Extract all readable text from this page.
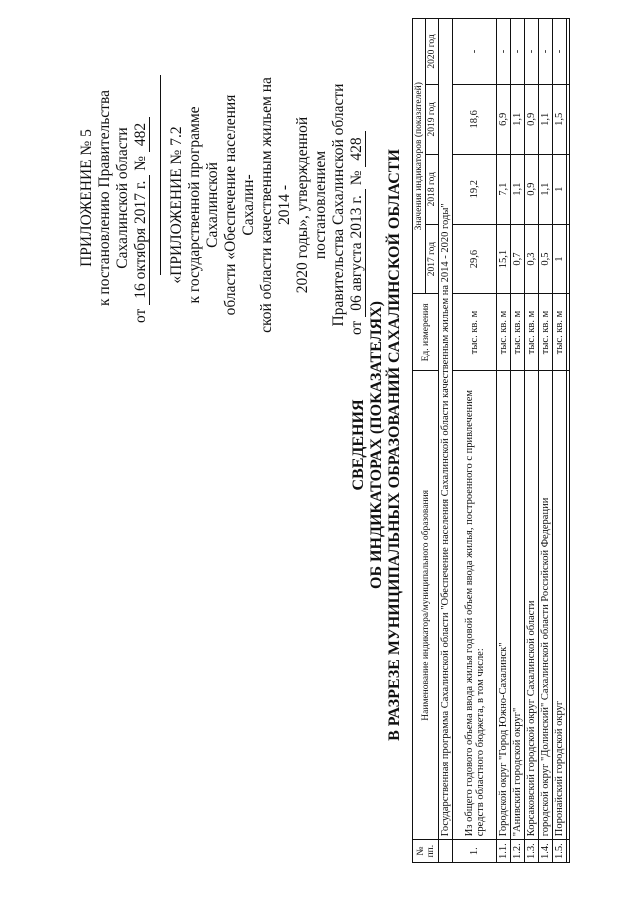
ПРИЛОЖЕНИЕ № 5 к постановлению Правительства Сахалинской области
от 16 октября 2017 г. № 482 «ПРИЛОЖЕНИЕ № 7.2 к государственной программе Сахалинской области «Обеспечение населения Сахалин- ской области качественным жильем на 2014 - 2020 годы», утвержденной постановлением Правительства Сахалинской области
от 06 августа 2013 г. № 428
СВЕДЕНИЯ ОБ ИНДИКАТОРАХ (ПОКАЗАТЕЛЯХ) В РАЗРЕЗЕ МУНИЦИПАЛЬНЫХ ОБРАЗОВАНИЙ САХАЛИНСКОЙ ОБЛАСТИ
№ пп.	Наименование индикатора/муниципального образования	Ед. измерения	Значения индикаторов (показателей)			
			2017 год	2018 год	2019 год	2020 год
	Государственная программа Сахалинской области "Обеспечение населения Сахалинской области качественным жильем на 2014 - 2020 годы"					
1.	Из общего годового объема ввода жилья годовой объем ввода жилья, построенного с привлечением средств областного бюджета, в том числе:	тыс. кв. м	29,6	19,2	18,6	-
1.1.	Городской округ "Город Южно-Сахалинск"	тыс. кв. м	15,1	7,1	6,9	-
1.2.	"Анивский городской округ"	тыс. кв. м	0,7	1,1	1,1	-
1.3.	Корсаковский городской округ Сахалинской области	тыс. кв. м	0,3	0,9	0,9	-
1.4.	городской округ "Долинский" Сахалинской области Российской Федерации	тыс. кв. м	0,5	1,1	1,1	-
1.5.	Поронайский городской округ	тыс. кв. м	1	1	1,5	-
